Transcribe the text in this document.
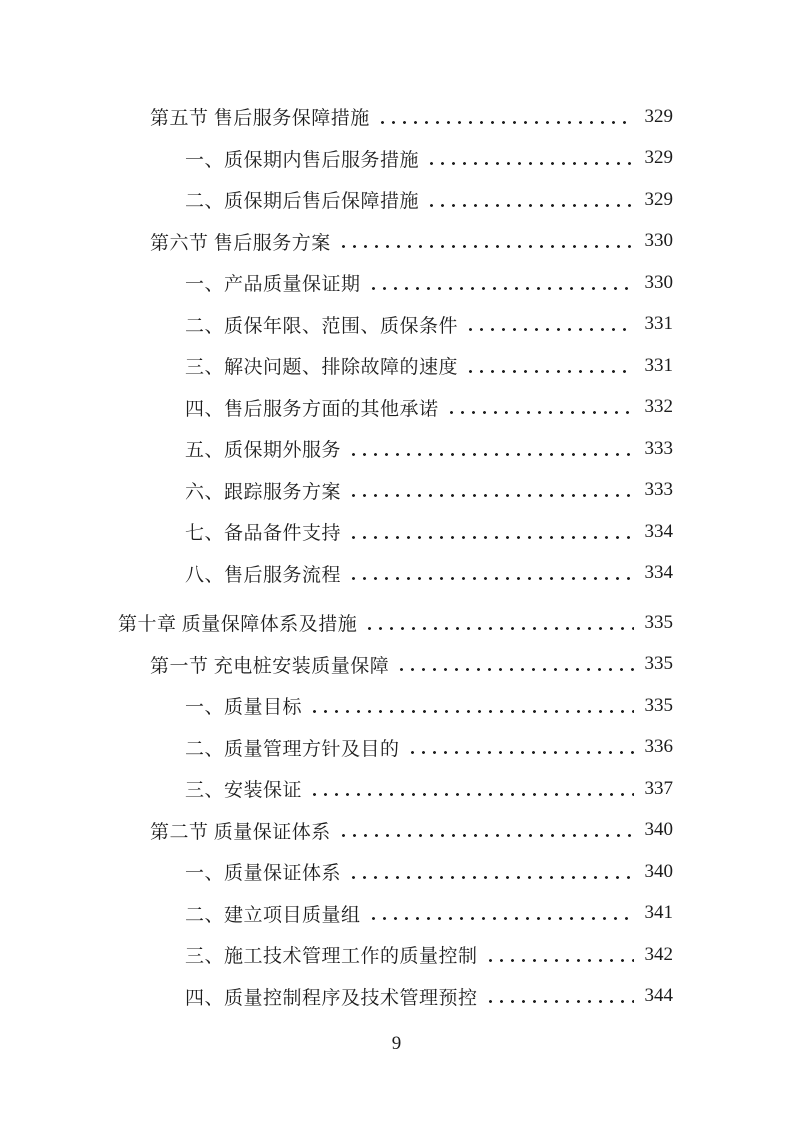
第五节 售后服务保障措施	329
一、质保期内售后服务措施	329
二、质保期后售后保障措施	329
第六节 售后服务方案	330
一、产品质量保证期	330
二、质保年限、范围、质保条件	331
三、解决问题、排除故障的速度	331
四、售后服务方面的其他承诺	332
五、质保期外服务	333
六、跟踪服务方案	333
七、备品备件支持	334
八、售后服务流程	334
第十章 质量保障体系及措施	335
第一节 充电桩安装质量保障	335
一、质量目标	335
二、质量管理方针及目的	336
三、安装保证	337
第二节 质量保证体系	340
一、质量保证体系	340
二、建立项目质量组	341
三、施工技术管理工作的质量控制	342
四、质量控制程序及技术管理预控	344
9
